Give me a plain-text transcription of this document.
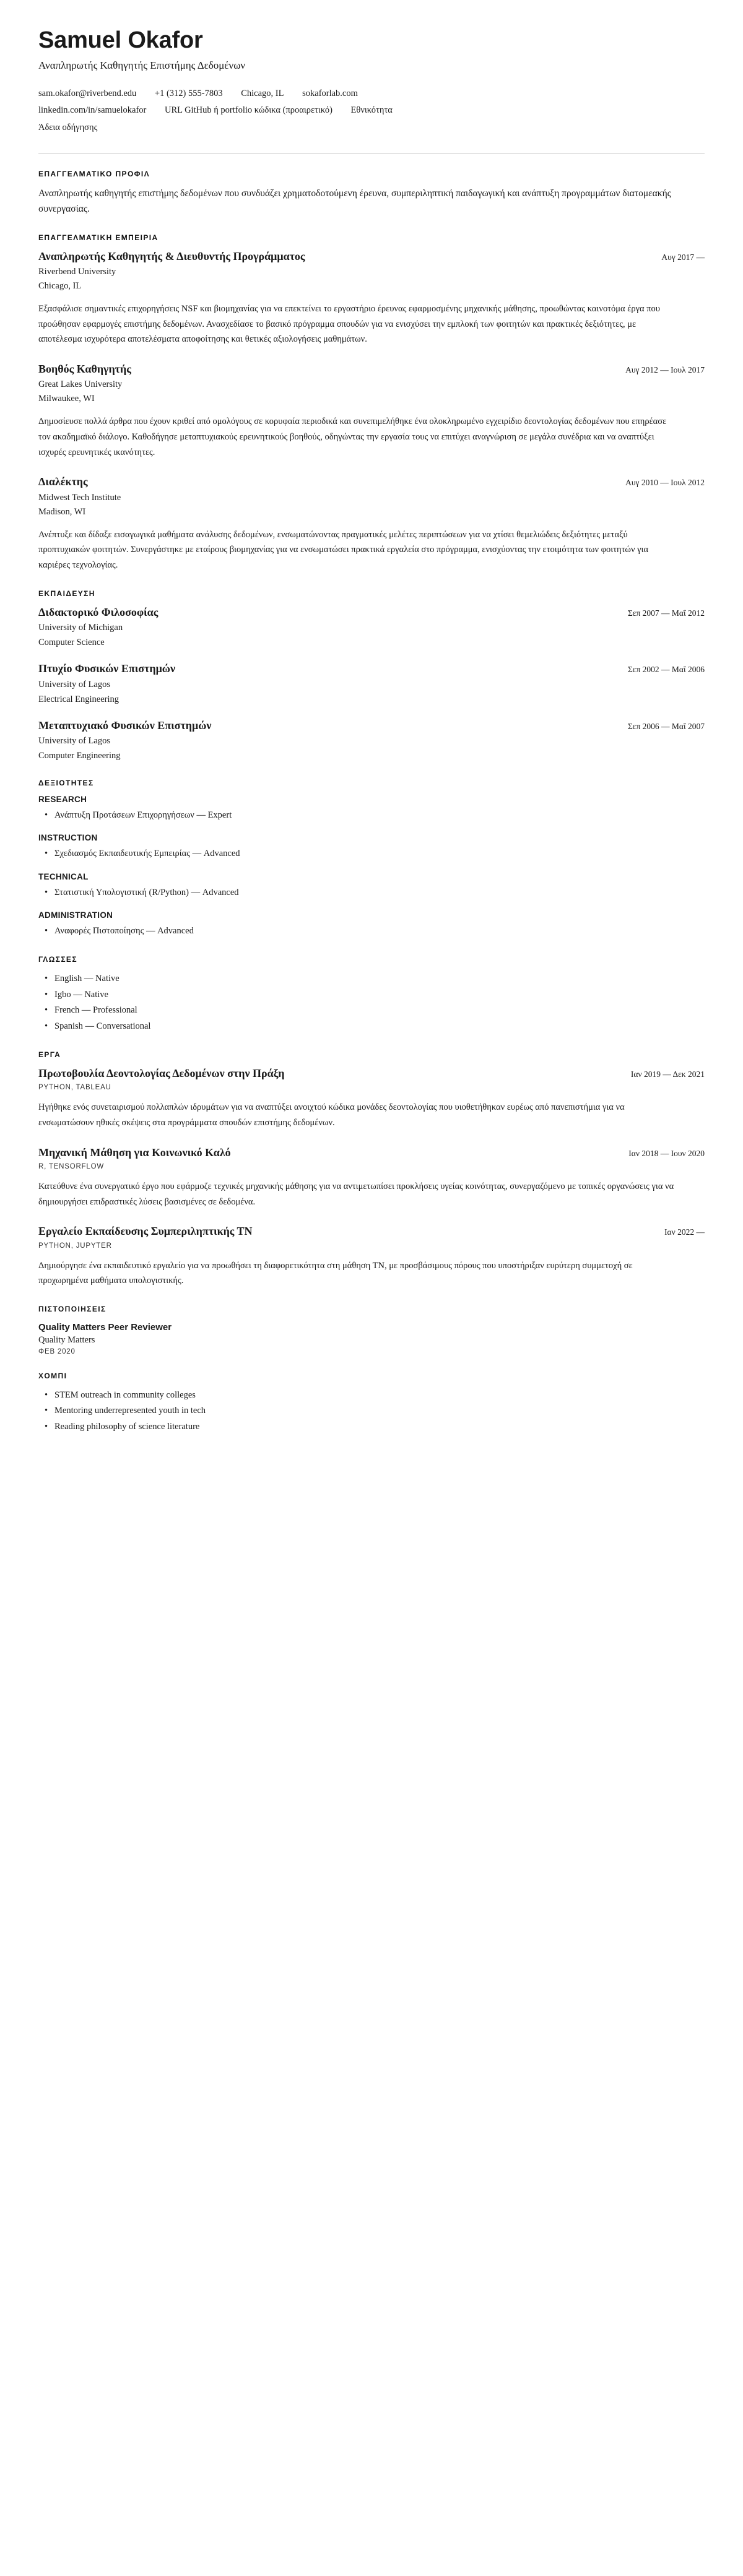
Samuel Okafor

Αναπληρωτής Καθηγητής Επιστήμης Δεδομένων

sam.okafor@riverbend.edu +1 (312) 555-7803 Chicago, IL sokaforlab.com
linkedin.com/in/samuelokafor URL GitHub ή portfolio κώδικα (προαιρετικό) Εθνικότητα
Άδεια οδήγησης
ΕΠΑΓΓΕΛΜΑΤΙΚΟ ΠΡΟΦΙΛ

Αναπληρωτής καθηγητής επιστήμης δεδομένων που συνδυάζει χρηματοδοτούμενη έρευνα, συμπεριληπτική παιδαγωγική και ανάπτυξη προγραμμάτων διατομεακής συνεργασίας.

ΕΠΑΓΓΕΛΜΑΤΙΚΗ ΕΜΠΕΙΡΙΑ
Αναπληρωτής Καθηγητής & Διευθυντής Προγράμματος	Αυγ 2017 —

Riverbend University

Chicago, IL

Εξασφάλισε σημαντικές επιχορηγήσεις NSF και βιομηχανίας για να επεκτείνει το εργαστήριο έρευνας εφαρμοσμένης μηχανικής μάθησης, προωθώντας καινοτόμα έργα που προώθησαν εφαρμογές επιστήμης δεδομένων. Ανασχεδίασε το βασικό πρόγραμμα σπουδών για να ενισχύσει την εμπλοκή των φοιτητών και πρακτικές δεξιότητες, με αποτέλεσμα ισχυρότερα αποτελέσματα αποφοίτησης και θετικές αξιολογήσεις μαθημάτων.

Βοηθός Καθηγητής	Αυγ 2012 — Ιουλ 2017

Great Lakes University

Milwaukee, WI

Δημοσίευσε πολλά άρθρα που έχουν κριθεί από ομολόγους σε κορυφαία περιοδικά και συνεπιμελήθηκε ένα ολοκληρωμένο εγχειρίδιο δεοντολογίας δεδομένων που επηρέασε τον ακαδημαϊκό διάλογο. Καθοδήγησε μεταπτυχιακούς ερευνητικούς βοηθούς, οδηγώντας την εργασία τους να επιτύχει αναγνώριση σε μεγάλα συνέδρια και να αναπτύξει ισχυρές ερευνητικές ικανότητες.

Διαλέκτης	Αυγ 2010 — Ιουλ 2012

Midwest Tech Institute

Madison, WI

Ανέπτυξε και δίδαξε εισαγωγικά μαθήματα ανάλυσης δεδομένων, ενσωματώνοντας πραγματικές μελέτες περιπτώσεων για να χτίσει θεμελιώδεις δεξιότητες μεταξύ προπτυχιακών φοιτητών. Συνεργάστηκε με εταίρους βιομηχανίας για να ενσωματώσει πρακτικά εργαλεία στο πρόγραμμα, ενισχύοντας την ετοιμότητα των φοιτητών για καριέρες τεχνολογίας.

ΕΚΠΑΙΔΕΥΣΗ
Διδακτορικό Φιλοσοφίας	Σεπ 2007 — Μαΐ 2012

University of Michigan

Computer Science

Πτυχίο Φυσικών Επιστημών	Σεπ 2002 — Μαΐ 2006

University of Lagos

Electrical Engineering

Μεταπτυχιακό Φυσικών Επιστημών	Σεπ 2006 — Μαΐ 2007

University of Lagos

Computer Engineering

ΔΕΞΙΟΤΗΤΕΣ

RESEARCH

• Ανάπτυξη Προτάσεων Επιχορηγήσεων — Expert

INSTRUCTION

• Σχεδιασμός Εκπαιδευτικής Εμπειρίας — Advanced

TECHNICAL

• Στατιστική Υπολογιστική (R/Python) — Advanced

ADMINISTRATION

• Αναφορές Πιστοποίησης — Advanced
ΓΛΩΣΣΕΣ
• English — Native
• Igbo — Native
• French — Professional
• Spanish — Conversational
ΕΡΓΑ
Πρωτοβουλία Δεοντολογίας Δεδομένων στην Πράξη	Ιαν 2019 — Δεκ 2021

PYTHON, TABLEAU

Ηγήθηκε ενός συνεταιρισμού πολλαπλών ιδρυμάτων για να αναπτύξει ανοιχτού κώδικα μονάδες δεοντολογίας που υιοθετήθηκαν ευρέως από πανεπιστήμια για να ενσωματώσουν ηθικές σκέψεις στα προγράμματα σπουδών επιστήμης δεδομένων.

Μηχανική Μάθηση για Κοινωνικό Καλό	Ιαν 2018 — Ιουν 2020

R, TENSORFLOW

Κατεύθυνε ένα συνεργατικό έργο που εφάρμοζε τεχνικές μηχανικής μάθησης για να αντιμετωπίσει προκλήσεις υγείας κοινότητας, συνεργαζόμενο με τοπικές οργανώσεις για να δημιουργήσει επιδραστικές λύσεις βασισμένες σε δεδομένα.

Εργαλείο Εκπαίδευσης Συμπεριληπτικής ΤΝ	Ιαν 2022 —

PYTHON, JUPYTER

Δημιούργησε ένα εκπαιδευτικό εργαλείο για να προωθήσει τη διαφορετικότητα στη μάθηση ΤΝ, με προσβάσιμους πόρους που υποστήριξαν ευρύτερη συμμετοχή σε προχωρημένα μαθήματα υπολογιστικής.

ΠΙΣΤΟΠΟΙΗΣΕΙΣ

Quality Matters Peer Reviewer

Quality Matters

ΦΕΒ 2020

ΧΟΜΠΙ
• STEM outreach in community colleges
• Mentoring underrepresented youth in tech
• Reading philosophy of science literature
